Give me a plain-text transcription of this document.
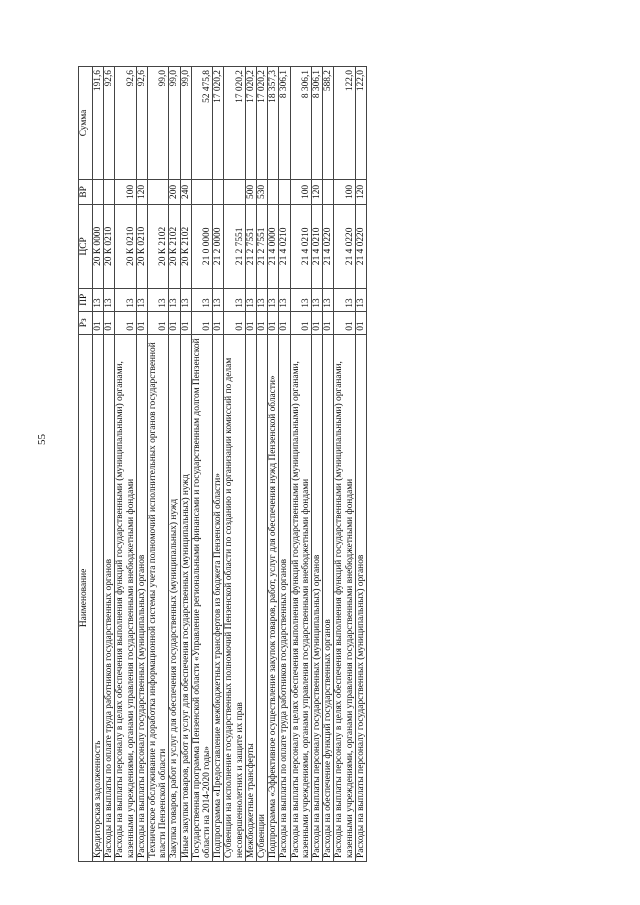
55
Наименование	Рз	ПР	ЦСР	ВР	Сумма
Кредиторская задолженность	01	13	20 К 0000		191,6
Расходы на выплаты по оплате труда работников государственных органов	01	13	20 К 0210		92,6
Расходы на выплаты персоналу в целях обеспечения выполнения функций государственными (муниципальными) органами, казенными учреждениями, органами управления государственными внебюджетными фондами	01	13	20 К 0210	100	92,6
Расходы на выплаты персоналу государственных (муниципальных) органов	01	13	20 К 0210	120	92,6
Техническое обслуживание и доработка информационной системы учета полномочий исполнительных органов государственной власти Пензенской области	01	13	20 К 2102		99,0
Закупка товаров, работ и услуг для обеспечения государственных (муниципальных) нужд	01	13	20 К 2102	200	99,0
Иные закупки товаров, работ и услуг для обеспечения государственных (муниципальных) нужд	01	13	20 К 2102	240	99,0
Государственная программа Пензенской области «Управление региональными финансами и государственным долгом Пензенской области на 2014-2020 годы»	01	13	21 0 0000		52 475,8
Подпрограмма «Предоставление межбюджетных трансфертов из бюджета Пензенской области»	01	13	21 2 0000		17 020,2
Субвенции на исполнение государственных полномочий Пензенской области по созданию и организации комиссий по делам несовершеннолетних и защите их прав	01	13	21 2 7551		17 020,2
Межбюджетные трансферты	01	13	21 2 7551	500	17 020,2
Субвенции	01	13	21 2 7551	530	17 020,2
Подпрограмма «Эффективное осуществление закупок товаров, работ, услуг для обеспечения нужд Пензенской области»	01	13	21 4 0000		18 357,3
Расходы на выплаты по оплате труда работников государственных органов	01	13	21 4 0210		8 306,1
Расходы на выплаты персоналу в целях обеспечения выполнения функций государственными (муниципальными) органами, казенными учреждениями, органами управления государственными внебюджетными фондами	01	13	21 4 0210	100	8 306,1
Расходы на выплаты персоналу государственных (муниципальных) органов	01	13	21 4 0210	120	8 306,1
Расходы на обеспечение функций государственных органов	01	13	21 4 0220		588,2
Расходы на выплаты персоналу в целях обеспечения выполнения функций государственными (муниципальными) органами, казенными учреждениями, органами управления государственными внебюджетными фондами	01	13	21 4 0220	100	122,0
Расходы на выплаты персоналу государственных (муниципальных) органов	01	13	21 4 0220	120	122,0
